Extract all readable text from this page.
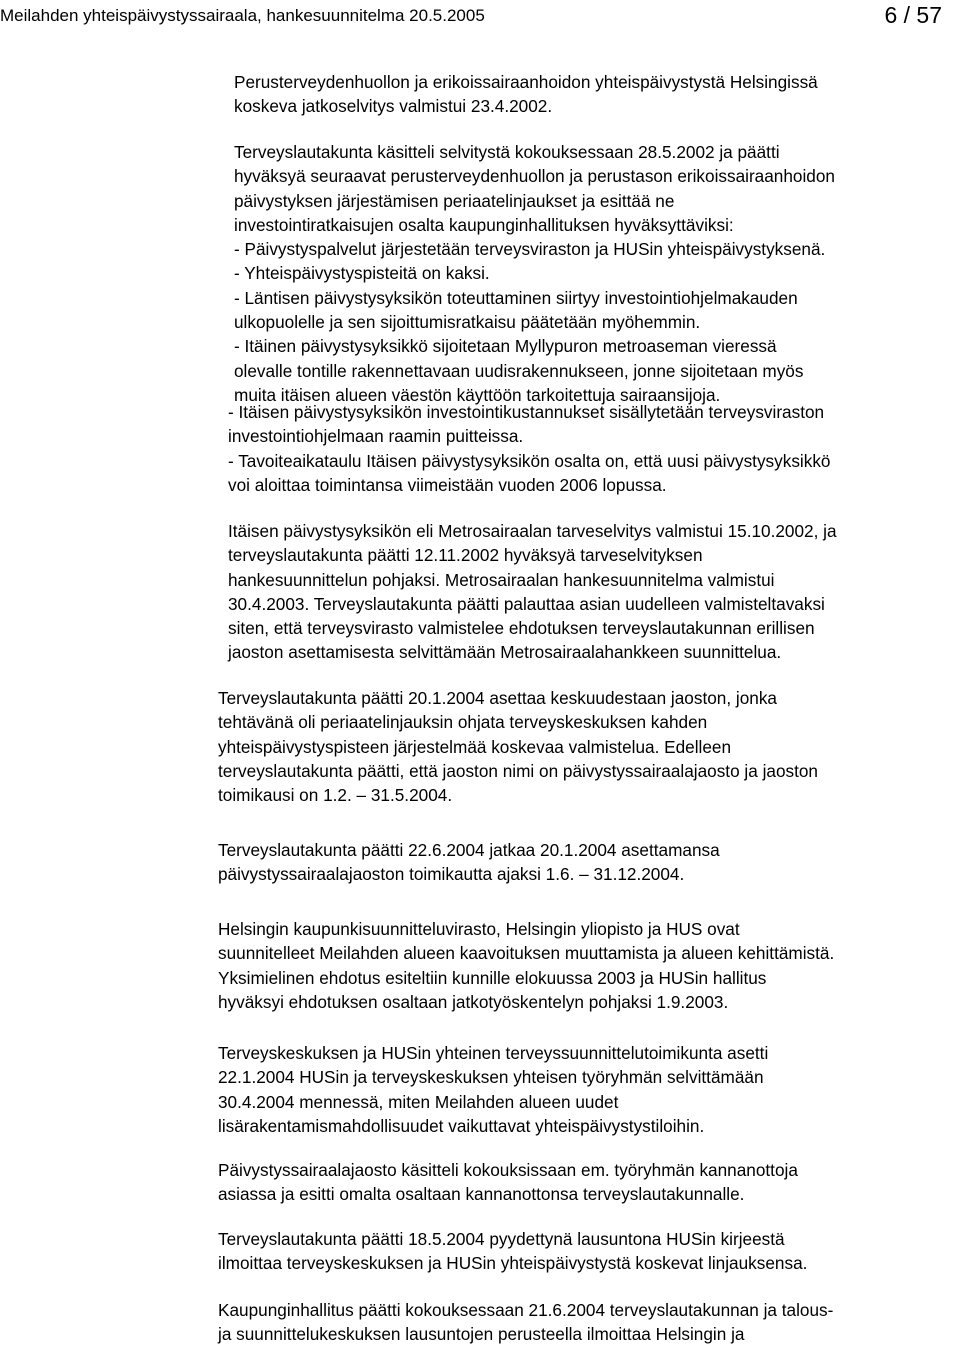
Meilahden yhteispäivystyssairaala, hankesuunnitelma 20.5.2005	6 / 57
Perusterveydenhuollon ja erikoissairaanhoidon yhteispäivystystä Helsingissä
koskeva jatkoselvitys valmistui 23.4.2002.
Terveyslautakunta käsitteli selvitystä kokouksessaan 28.5.2002 ja päätti
hyväksyä seuraavat perusterveydenhuollon ja perustason erikoissairaanhoidon
päivystyksen järjestämisen periaatelinjaukset ja esittää ne
investointiratkaisujen osalta kaupunginhallituksen hyväksyttäviksi:
- Päivystyspalvelut järjestetään terveysviraston ja HUSin yhteispäivystyksenä.
- Yhteispäivystyspisteitä on kaksi.
- Läntisen päivystysyksikön toteuttaminen siirtyy investointiohjelmakauden
ulkopuolelle ja sen sijoittumisratkaisu päätetään myöhemmin.
- Itäinen päivystysyksikkö sijoitetaan Myllypuron metroaseman vieressä
olevalle tontille rakennettavaan uudisrakennukseen, jonne sijoitetaan myös
muita itäisen alueen väestön käyttöön tarkoitettuja sairaansijoja.
- Itäisen päivystysyksikön investointikustannukset sisällytetään terveysviraston
investointiohjelmaan raamin puitteissa.
- Tavoiteaikataulu Itäisen päivystysyksikön osalta on, että uusi päivystysyksikkö
voi aloittaa toimintansa viimeistään vuoden 2006 lopussa.
Itäisen päivystysyksikön eli Metrosairaalan tarveselvitys valmistui 15.10.2002, ja
terveyslautakunta päätti 12.11.2002 hyväksyä tarveselvityksen
hankesuunnittelun pohjaksi. Metrosairaalan hankesuunnitelma valmistui
30.4.2003. Terveyslautakunta päätti palauttaa asian uudelleen valmisteltavaksi
siten, että terveysvirasto valmistelee ehdotuksen terveyslautakunnan erillisen
jaoston asettamisesta selvittämään Metrosairaalahankkeen suunnittelua.
Terveyslautakunta päätti 20.1.2004 asettaa keskuudestaan jaoston, jonka
tehtävänä oli periaatelinjauksin ohjata terveyskeskuksen kahden
yhteispäivystyspisteen järjestelmää koskevaa valmistelua. Edelleen
terveyslautakunta päätti, että jaoston nimi on päivystyssairaalajaosto ja jaoston
toimikausi on 1.2. – 31.5.2004.
Terveyslautakunta päätti 22.6.2004 jatkaa 20.1.2004 asettamansa
päivystyssairaalajaoston toimikautta ajaksi 1.6. – 31.12.2004.
Helsingin kaupunkisuunnitteluvirasto, Helsingin yliopisto ja HUS ovat
suunnitelleet Meilahden alueen kaavoituksen muuttamista ja alueen kehittämistä.
Yksimielinen ehdotus esiteltiin kunnille elokuussa 2003 ja HUSin hallitus
hyväksyi ehdotuksen osaltaan jatkotyöskentelyn pohjaksi 1.9.2003.
Terveyskeskuksen ja HUSin yhteinen terveyssuunnittelutoimikunta asetti
22.1.2004 HUSin ja terveyskeskuksen yhteisen työryhmän selvittämään
30.4.2004 mennessä, miten Meilahden alueen uudet
lisärakentamismahdollisuudet vaikuttavat yhteispäivystystiloihin.
Päivystyssairaalajaosto käsitteli kokouksissaan em. työryhmän kannanottoja
asiassa ja esitti omalta osaltaan kannanottonsa terveyslautakunnalle.
Terveyslautakunta päätti 18.5.2004 pyydettynä lausuntona HUSin kirjeestä
ilmoittaa terveyskeskuksen ja HUSin yhteispäivystystä koskevat linjauksensa.
Kaupunginhallitus päätti kokouksessaan 21.6.2004 terveyslautakunnan ja talous-
ja suunnittelukeskuksen lausuntojen perusteella ilmoittaa Helsingin ja
